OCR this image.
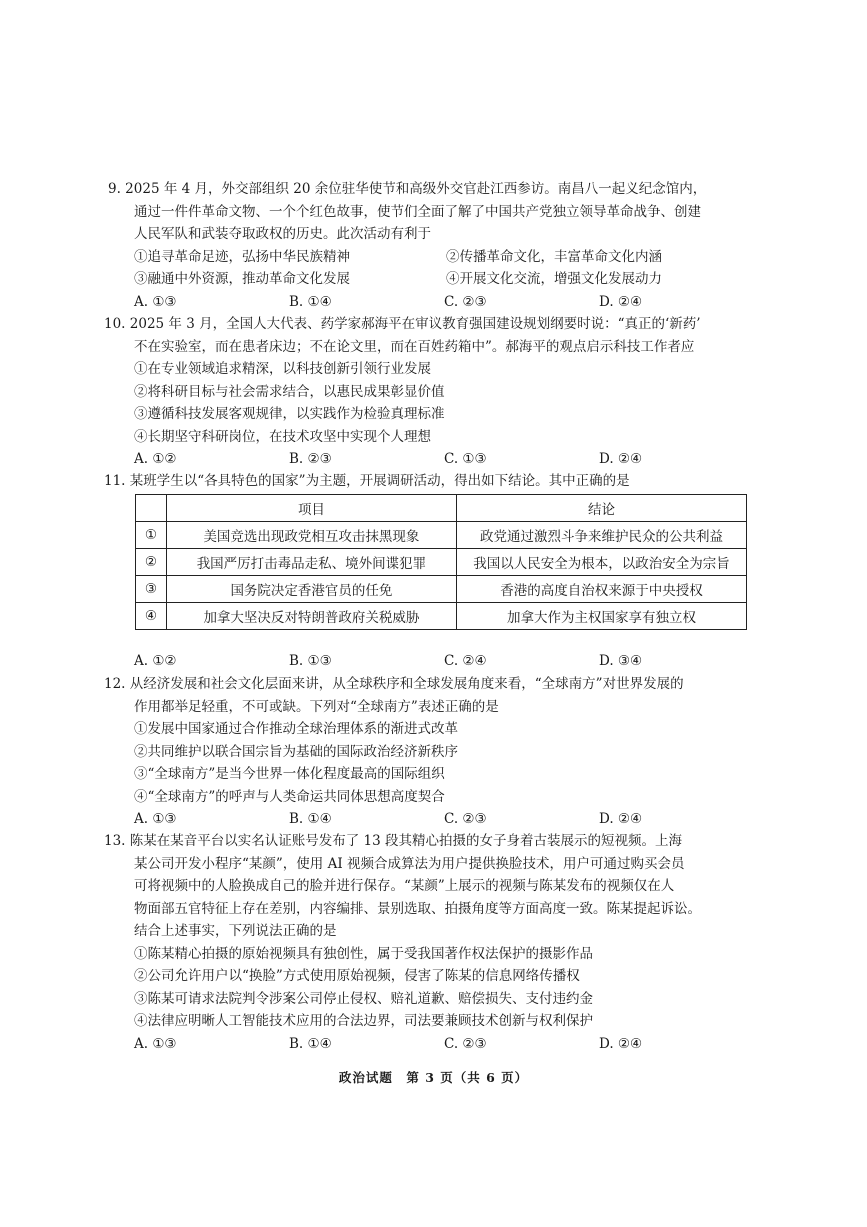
9. 2025 年 4 月，外交部组织 20 余位驻华使节和高级外交官赴江西参访。南昌八一起义纪念馆内，
通过一件件革命文物、一个个红色故事，使节们全面了解了中国共产党独立领导革命战争、创建
人民军队和武装夺取政权的历史。此次活动有利于
①追寻革命足迹，弘扬中华民族精神	②传播革命文化，丰富革命文化内涵
③融通中外资源，推动革命文化发展	④开展文化交流，增强文化发展动力
A. ①③	B. ①④	C. ②③	D. ②④
10. 2025 年 3 月，全国人大代表、药学家郝海平在审议教育强国建设规划纲要时说：“真正的‘新药’
不在实验室，而在患者床边；不在论文里，而在百姓药箱中”。郝海平的观点启示科技工作者应
①在专业领域追求精深，以科技创新引领行业发展
②将科研目标与社会需求结合，以惠民成果彰显价值
③遵循科技发展客观规律，以实践作为检验真理标准
④长期坚守科研岗位，在技术攻坚中实现个人理想
A. ①②	B. ②③	C. ①③	D. ②④
11. 某班学生以“各具特色的国家”为主题，开展调研活动，得出如下结论。其中正确的是
	项目	结论
①	美国竞选出现政党相互攻击抹黑现象	政党通过激烈斗争来维护民众的公共利益
②	我国严厉打击毒品走私、境外间谍犯罪	我国以人民安全为根本，以政治安全为宗旨
③	国务院决定香港官员的任免	香港的高度自治权来源于中央授权
④	加拿大坚决反对特朗普政府关税威胁	加拿大作为主权国家享有独立权
A. ①②	B. ①③	C. ②④	D. ③④
12. 从经济发展和社会文化层面来讲，从全球秩序和全球发展角度来看，“全球南方”对世界发展的
作用都举足轻重，不可或缺。下列对“全球南方”表述正确的是
①发展中国家通过合作推动全球治理体系的渐进式改革
②共同维护以联合国宗旨为基础的国际政治经济新秩序
③“全球南方”是当今世界一体化程度最高的国际组织
④“全球南方”的呼声与人类命运共同体思想高度契合
A. ①③	B. ①④	C. ②③	D. ②④
13. 陈某在某音平台以实名认证账号发布了 13 段其精心拍摄的女子身着古装展示的短视频。上海
某公司开发小程序“某颜”，使用 AI 视频合成算法为用户提供换脸技术，用户可通过购买会员
可将视频中的人脸换成自己的脸并进行保存。“某颜”上展示的视频与陈某发布的视频仅在人
物面部五官特征上存在差别，内容编排、景别选取、拍摄角度等方面高度一致。陈某提起诉讼。
结合上述事实，下列说法正确的是
①陈某精心拍摄的原始视频具有独创性，属于受我国著作权法保护的摄影作品
②公司允许用户以“换脸”方式使用原始视频，侵害了陈某的信息网络传播权
③陈某可请求法院判令涉案公司停止侵权、赔礼道歉、赔偿损失、支付违约金
④法律应明晰人工智能技术应用的合法边界，司法要兼顾技术创新与权利保护
A. ①③	B. ①④	C. ②③	D. ②④
政治试题　第 3 页（共 6 页）
